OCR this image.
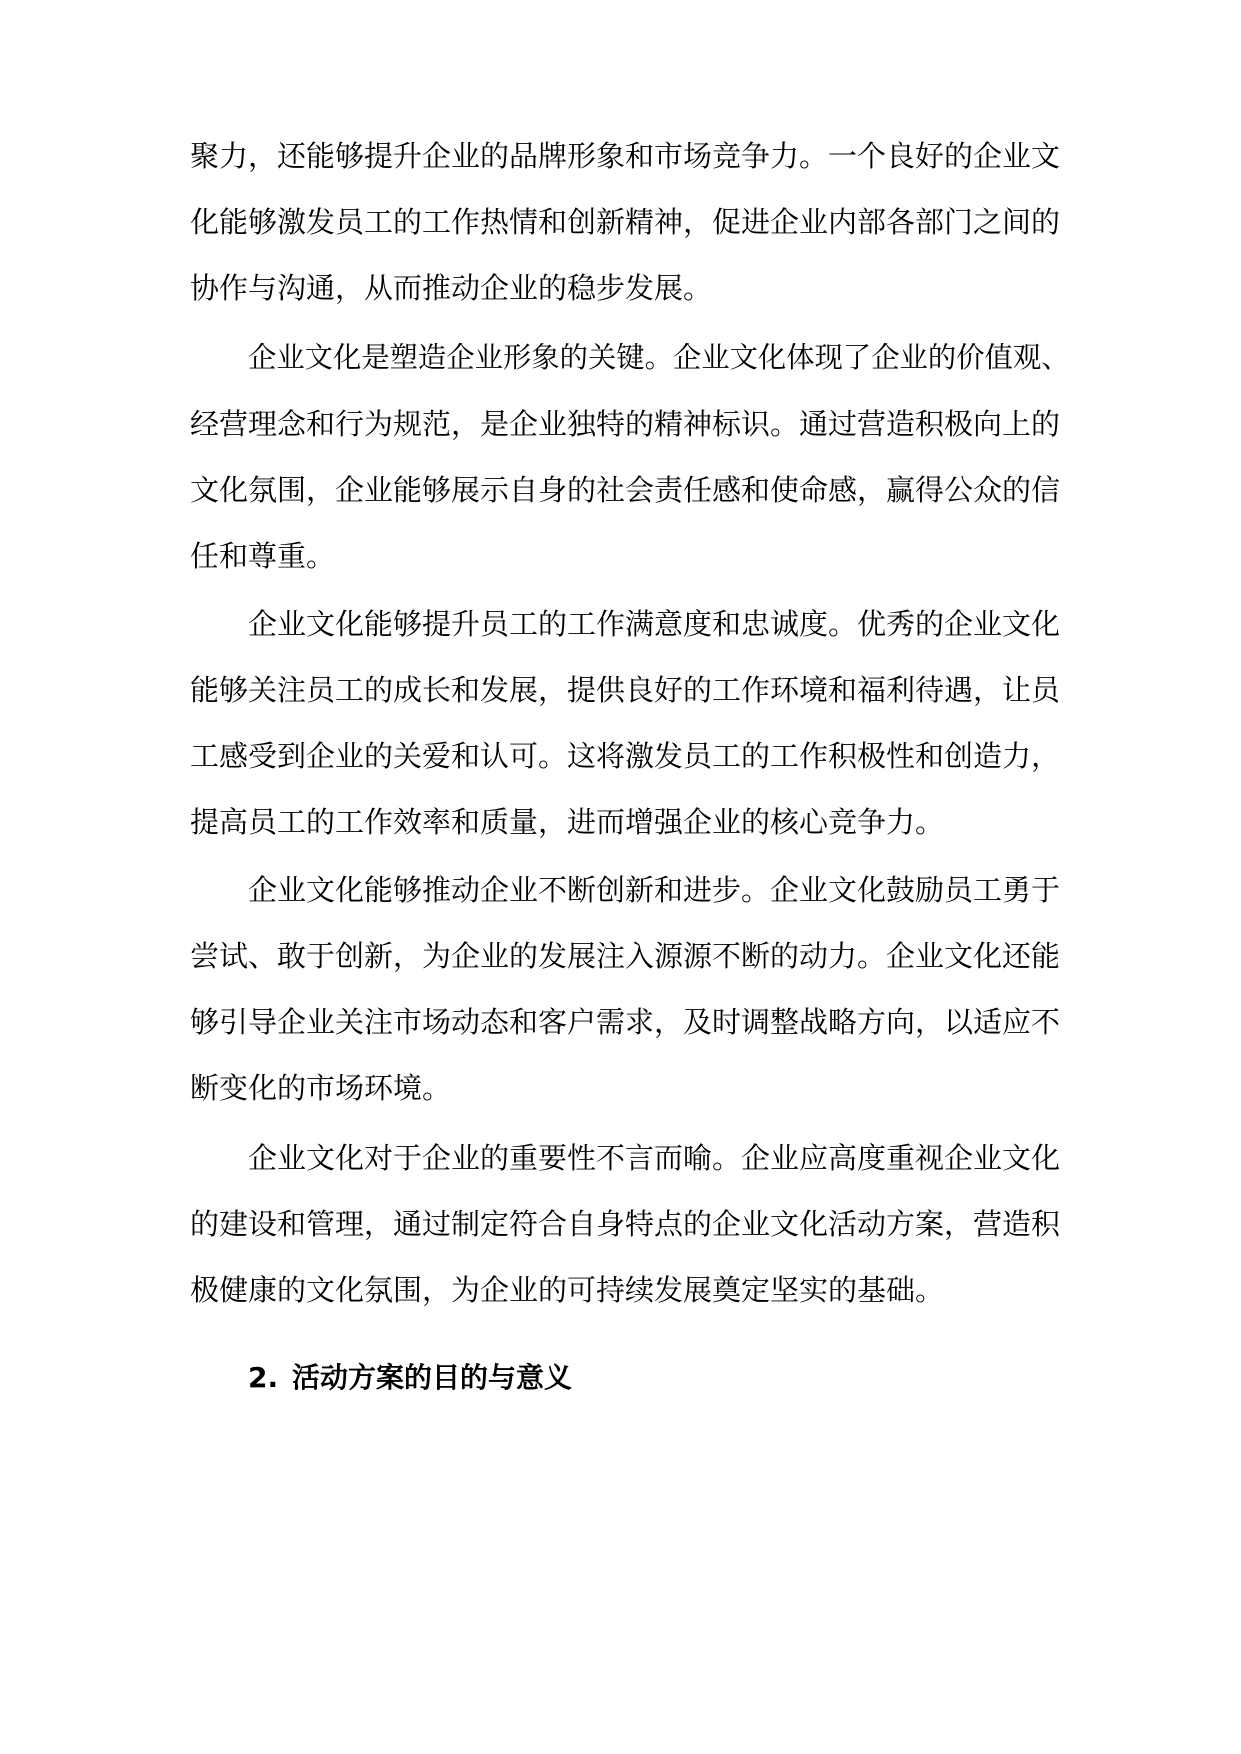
聚力，还能够提升企业的品牌形象和市场竞争力。一个良好的企业文
化能够激发员工的工作热情和创新精神，促进企业内部各部门之间的
协作与沟通，从而推动企业的稳步发展。
企业文化是塑造企业形象的关键。企业文化体现了企业的价值观、
经营理念和行为规范，是企业独特的精神标识。通过营造积极向上的
文化氛围，企业能够展示自身的社会责任感和使命感，赢得公众的信
任和尊重。
企业文化能够提升员工的工作满意度和忠诚度。优秀的企业文化
能够关注员工的成长和发展，提供良好的工作环境和福利待遇，让员
工感受到企业的关爱和认可。这将激发员工的工作积极性和创造力，
提高员工的工作效率和质量，进而增强企业的核心竞争力。
企业文化能够推动企业不断创新和进步。企业文化鼓励员工勇于
尝试、敢于创新，为企业的发展注入源源不断的动力。企业文化还能
够引导企业关注市场动态和客户需求，及时调整战略方向，以适应不
断变化的市场环境。
企业文化对于企业的重要性不言而喻。企业应高度重视企业文化
的建设和管理，通过制定符合自身特点的企业文化活动方案，营造积
极健康的文化氛围，为企业的可持续发展奠定坚实的基础。
2. 活动方案的目的与意义
